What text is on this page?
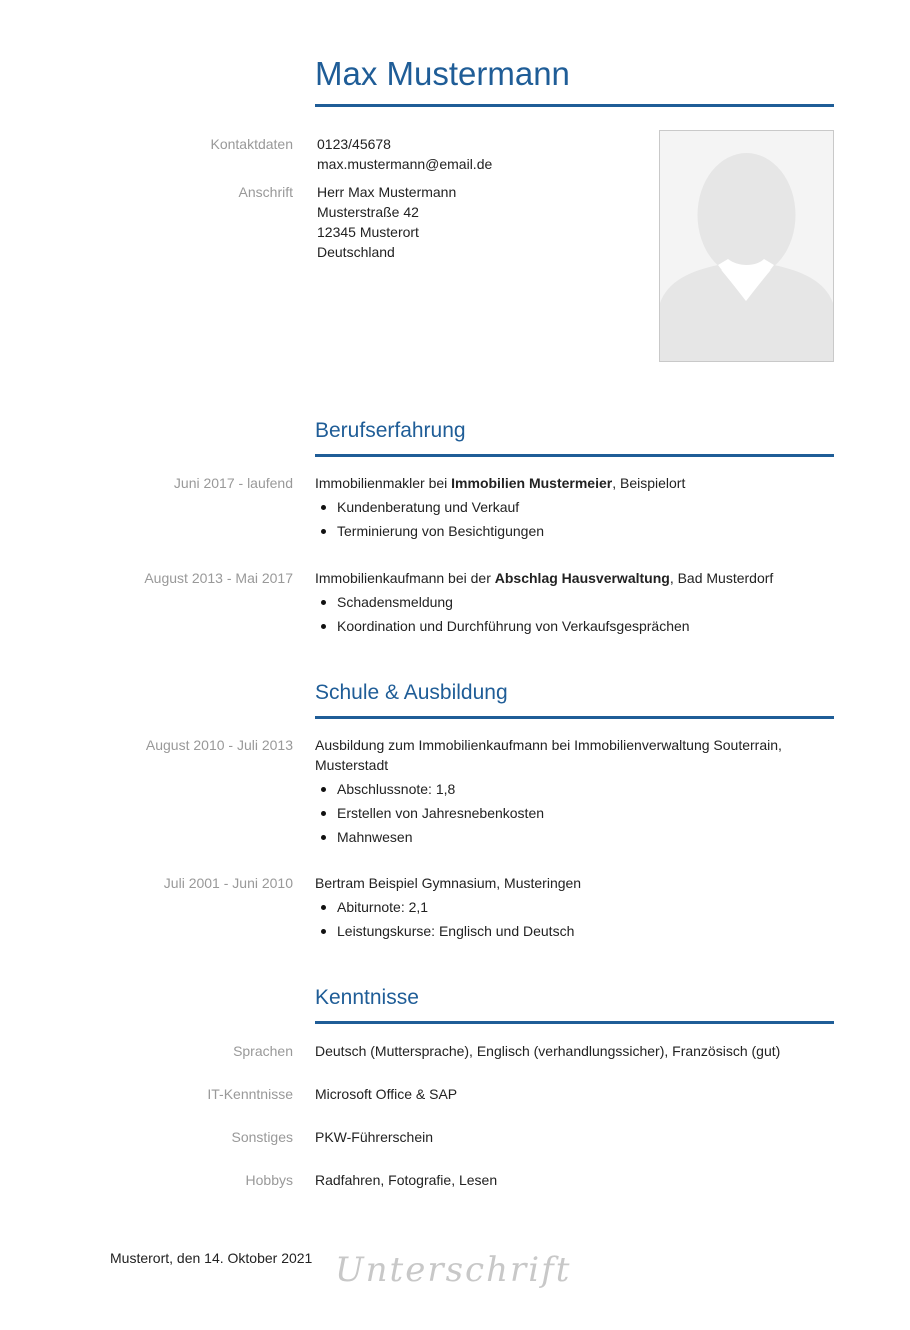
Max Mustermann
Kontaktdaten 0123/45678
max.mustermann@email.de
Anschrift Herr Max Mustermann
Musterstraße 42
12345 Musterort
Deutschland
Berufserfahrung
Juni 2017 - laufend Immobilienmakler bei Immobilien Mustermeier, Beispielort
Kundenberatung und Verkauf
Terminierung von Besichtigungen
August 2013 - Mai 2017 Immobilienkaufmann bei der Abschlag Hausverwaltung, Bad Musterdorf
Schadensmeldung
Koordination und Durchführung von Verkaufsgesprächen
Schule & Ausbildung
August 2010 - Juli 2013 Ausbildung zum Immobilienkaufmann bei Immobilienverwaltung Souterrain, Musterstadt
Abschlussnote: 1,8
Erstellen von Jahresnebenkosten
Mahnwesen
Juli 2001 - Juni 2010 Bertram Beispiel Gymnasium, Musteringen
Abiturnote: 2,1
Leistungskurse: Englisch und Deutsch
Kenntnisse
Sprachen Deutsch (Muttersprache), Englisch (verhandlungssicher), Französisch (gut)
IT-Kenntnisse Microsoft Office & SAP
Sonstiges PKW-Führerschein
Hobbys Radfahren, Fotografie, Lesen
Musterort, den 14. Oktober 2021 Unterschrift
